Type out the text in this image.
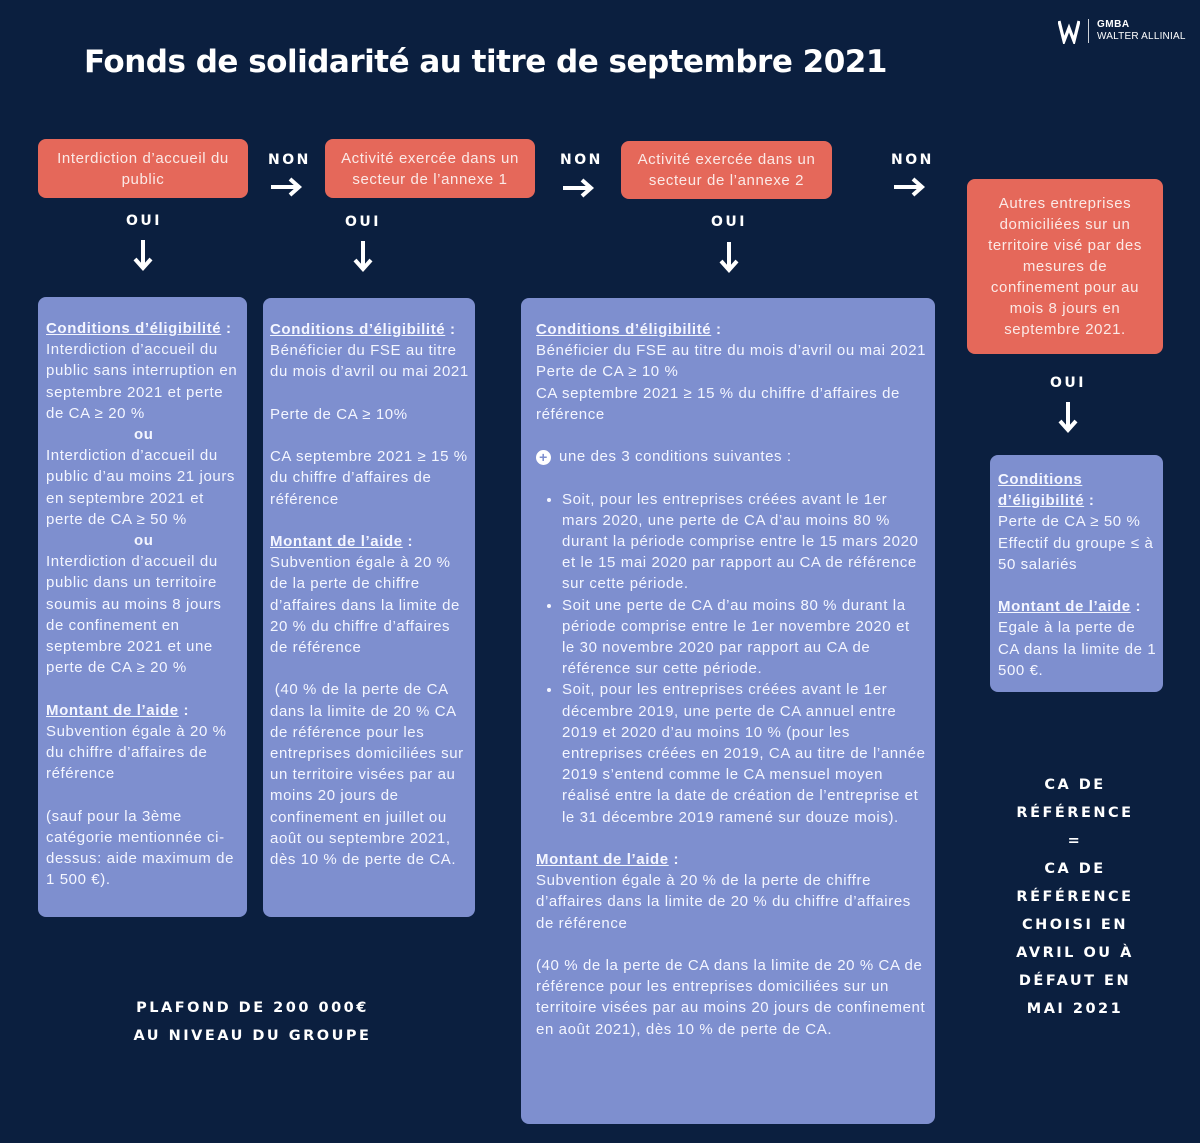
Fonds de solidarité au titre de septembre 2021
GMBA
WALTER ALLINIAL
Interdiction d’accueil du public
Activité exercée dans un secteur de l’annexe 1
Activité exercée dans un secteur de l’annexe 2
Autres entreprises domiciliées sur un territoire visé par des mesures de confinement pour au mois 8 jours en septembre 2021.
NON	NON	NON
OUI	OUI	OUI
OUI
Conditions d’éligibilité :
Interdiction d’accueil du public sans interruption en septembre 2021 et perte de CA ≥ 20 %
ou
Interdiction d’accueil du public d’au moins 21 jours en septembre 2021 et perte de CA ≥ 50 %
ou
Interdiction d’accueil du public dans un territoire soumis au moins 8 jours de confinement en septembre 2021 et une perte de CA ≥ 20 %
Montant de l’aide :
Subvention égale à 20 % du chiffre d’affaires de référence
(sauf pour la 3ème catégorie mentionnée ci-dessus: aide maximum de 1 500 €).
Conditions d’éligibilité :
Bénéficier du FSE au titre du mois d’avril ou mai 2021
Perte de CA ≥ 10%
CA septembre 2021 ≥ 15 % du chiffre d’affaires de référence
Montant de l’aide :
Subvention égale à 20 % de la perte de chiffre d’affaires dans la limite de 20 % du chiffre d’affaires de référence
(40 % de la perte de CA dans la limite de 20 % CA de référence pour les entreprises domiciliées sur un territoire visées par au moins 20 jours de confinement en juillet ou août ou septembre 2021, dès 10 % de perte de CA.
Conditions d’éligibilité :
Bénéficier du FSE au titre du mois d’avril ou mai 2021
Perte de CA ≥ 10 %
CA septembre 2021 ≥ 15 % du chiffre d’affaires de référence
+ une des 3 conditions suivantes :
• Soit, pour les entreprises créées avant le 1er mars 2020, une perte de CA d’au moins 80 % durant la période comprise entre le 15 mars 2020 et le 15 mai 2020 par rapport au CA de référence sur cette période.
• Soit une perte de CA d’au moins 80 % durant la période comprise entre le 1er novembre 2020 et le 30 novembre 2020 par rapport au CA de référence sur cette période.
• Soit, pour les entreprises créées avant le 1er décembre 2019, une perte de CA annuel entre 2019 et 2020 d’au moins 10 % (pour les entreprises créées en 2019, CA au titre de l’année 2019 s’entend comme le CA mensuel moyen réalisé entre la date de création de l’entreprise et le 31 décembre 2019 ramené sur douze mois).
Montant de l’aide :
Subvention égale à 20 % de la perte de chiffre d’affaires dans la limite de 20 % du chiffre d’affaires de référence
(40 % de la perte de CA dans la limite de 20 % CA de référence pour les entreprises domiciliées sur un territoire visées par au moins 20 jours de confinement en août 2021), dès 10 % de perte de CA.
Conditions d’éligibilité :
Perte de CA ≥ 50 %
Effectif du groupe ≤ à 50 salariés
Montant de l’aide :
Egale à la perte de CA dans la limite de 1 500 €.
PLAFOND DE 200 000€
AU NIVEAU DU GROUPE
CA DE
RÉFÉRENCE
=
CA DE
RÉFÉRENCE
CHOISI EN
AVRIL OU À
DÉFAUT EN
MAI 2021
